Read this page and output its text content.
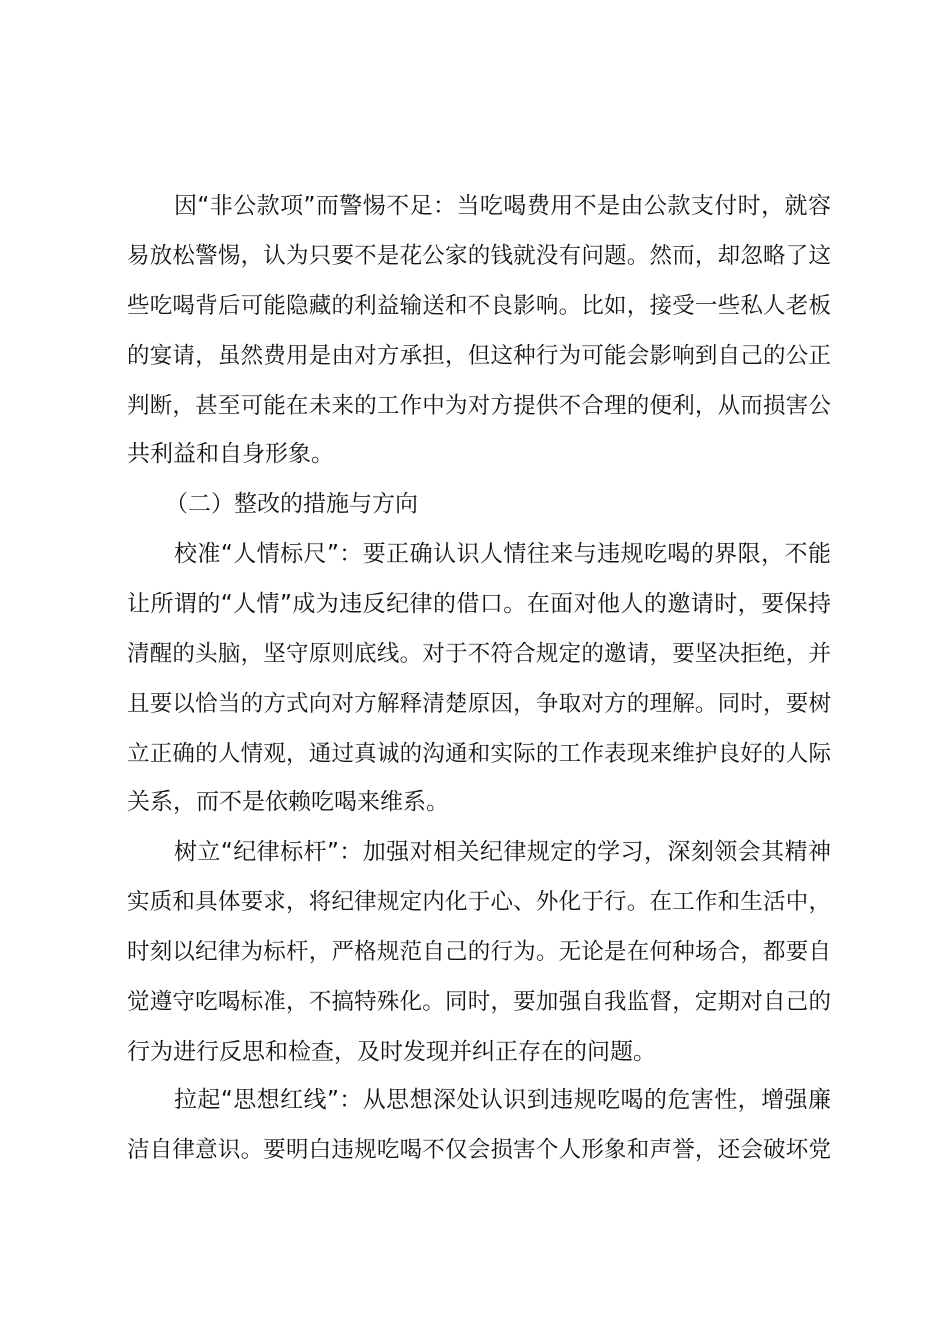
因“非公款项”而警惕不足：当吃喝费用不是由公款支付时，就容
易放松警惕，认为只要不是花公家的钱就没有问题。然而，却忽略了这
些吃喝背后可能隐藏的利益输送和不良影响。比如，接受一些私人老板
的宴请，虽然费用是由对方承担，但这种行为可能会影响到自己的公正
判断，甚至可能在未来的工作中为对方提供不合理的便利，从而损害公
共利益和自身形象。
（二）整改的措施与方向
校准“人情标尺”：要正确认识人情往来与违规吃喝的界限，不能
让所谓的“人情”成为违反纪律的借口。在面对他人的邀请时，要保持
清醒的头脑，坚守原则底线。对于不符合规定的邀请，要坚决拒绝，并
且要以恰当的方式向对方解释清楚原因，争取对方的理解。同时，要树
立正确的人情观，通过真诚的沟通和实际的工作表现来维护良好的人际
关系，而不是依赖吃喝来维系。
树立“纪律标杆”：加强对相关纪律规定的学习，深刻领会其精神
实质和具体要求，将纪律规定内化于心、外化于行。在工作和生活中，
时刻以纪律为标杆，严格规范自己的行为。无论是在何种场合，都要自
觉遵守吃喝标准，不搞特殊化。同时，要加强自我监督，定期对自己的
行为进行反思和检查，及时发现并纠正存在的问题。
拉起“思想红线”：从思想深处认识到违规吃喝的危害性，增强廉
洁自律意识。要明白违规吃喝不仅会损害个人形象和声誉，还会破坏党
